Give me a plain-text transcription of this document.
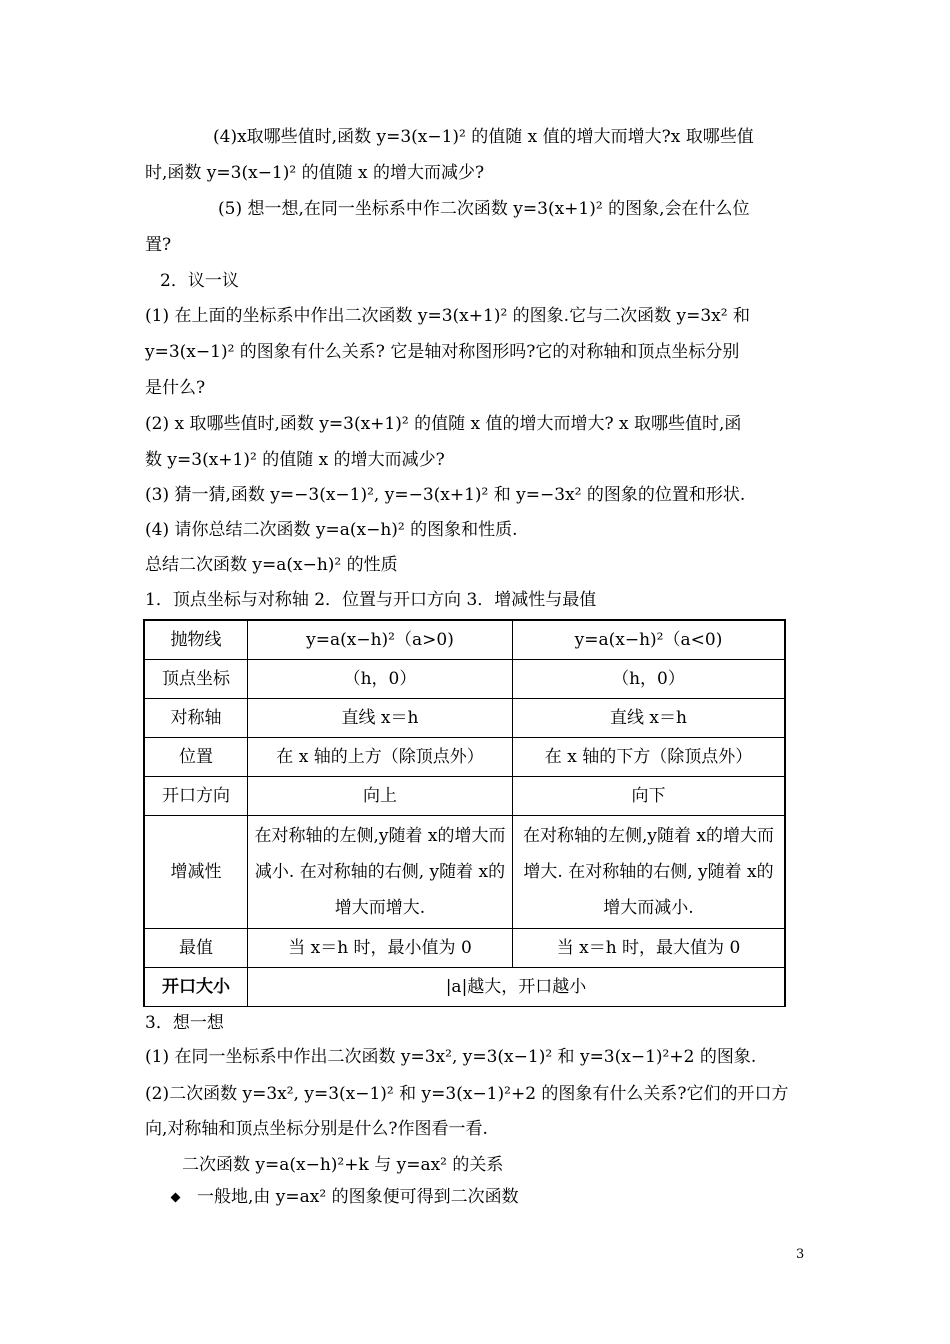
(4)x取哪些值时,函数 y=3(x−1)² 的值随 x 值的增大而增大?x 取哪些值
时,函数 y=3(x−1)² 的值随 x 的增大而减少?
(5) 想一想,在同一坐标系中作二次函数 y=3(x+1)² 的图象,会在什么位
置?
2．议一议
(1) 在上面的坐标系中作出二次函数 y=3(x+1)² 的图象.它与二次函数 y=3x² 和
y=3(x−1)² 的图象有什么关系? 它是轴对称图形吗?它的对称轴和顶点坐标分别
是什么?
(2) x 取哪些值时,函数 y=3(x+1)² 的值随 x 值的增大而增大? x 取哪些值时,函
数 y=3(x+1)² 的值随 x 的增大而减少?
(3) 猜一猜,函数 y=−3(x−1)², y=−3(x+1)² 和 y=−3x² 的图象的位置和形状.
(4) 请你总结二次函数 y=a(x−h)² 的图象和性质.
总结二次函数 y=a(x−h)² 的性质
1．顶点坐标与对称轴 2．位置与开口方向 3．增减性与最值
抛物线	y=a(x−h)²（a>0)	y=a(x−h)²（a<0)
顶点坐标	（h，0）	（h，0）
对称轴	直线 x＝h	直线 x＝h
位置	在 x 轴的上方（除顶点外）	在 x 轴的下方（除顶点外）
开口方向	向上	向下
增减性	在对称轴的左侧,y随着 x的增大而减小. 在对称轴的右侧, y随着 x的增大而增大.	在对称轴的左侧,y随着 x的增大而增大. 在对称轴的右侧, y随着 x的增大而减小.
最值	当 x＝h 时，最小值为 0	当 x＝h 时，最大值为 0
开口大小	|a|越大，开口越小	
3．想一想
(1) 在同一坐标系中作出二次函数 y=3x², y=3(x−1)² 和 y=3(x−1)²+2 的图象.
(2)二次函数 y=3x², y=3(x−1)² 和 y=3(x−1)²+2 的图象有什么关系?它们的开口方
向,对称轴和顶点坐标分别是什么?作图看一看.
二次函数 y=a(x−h)²+k 与 y=ax² 的关系
一般地,由 y=ax² 的图象便可得到二次函数
3
